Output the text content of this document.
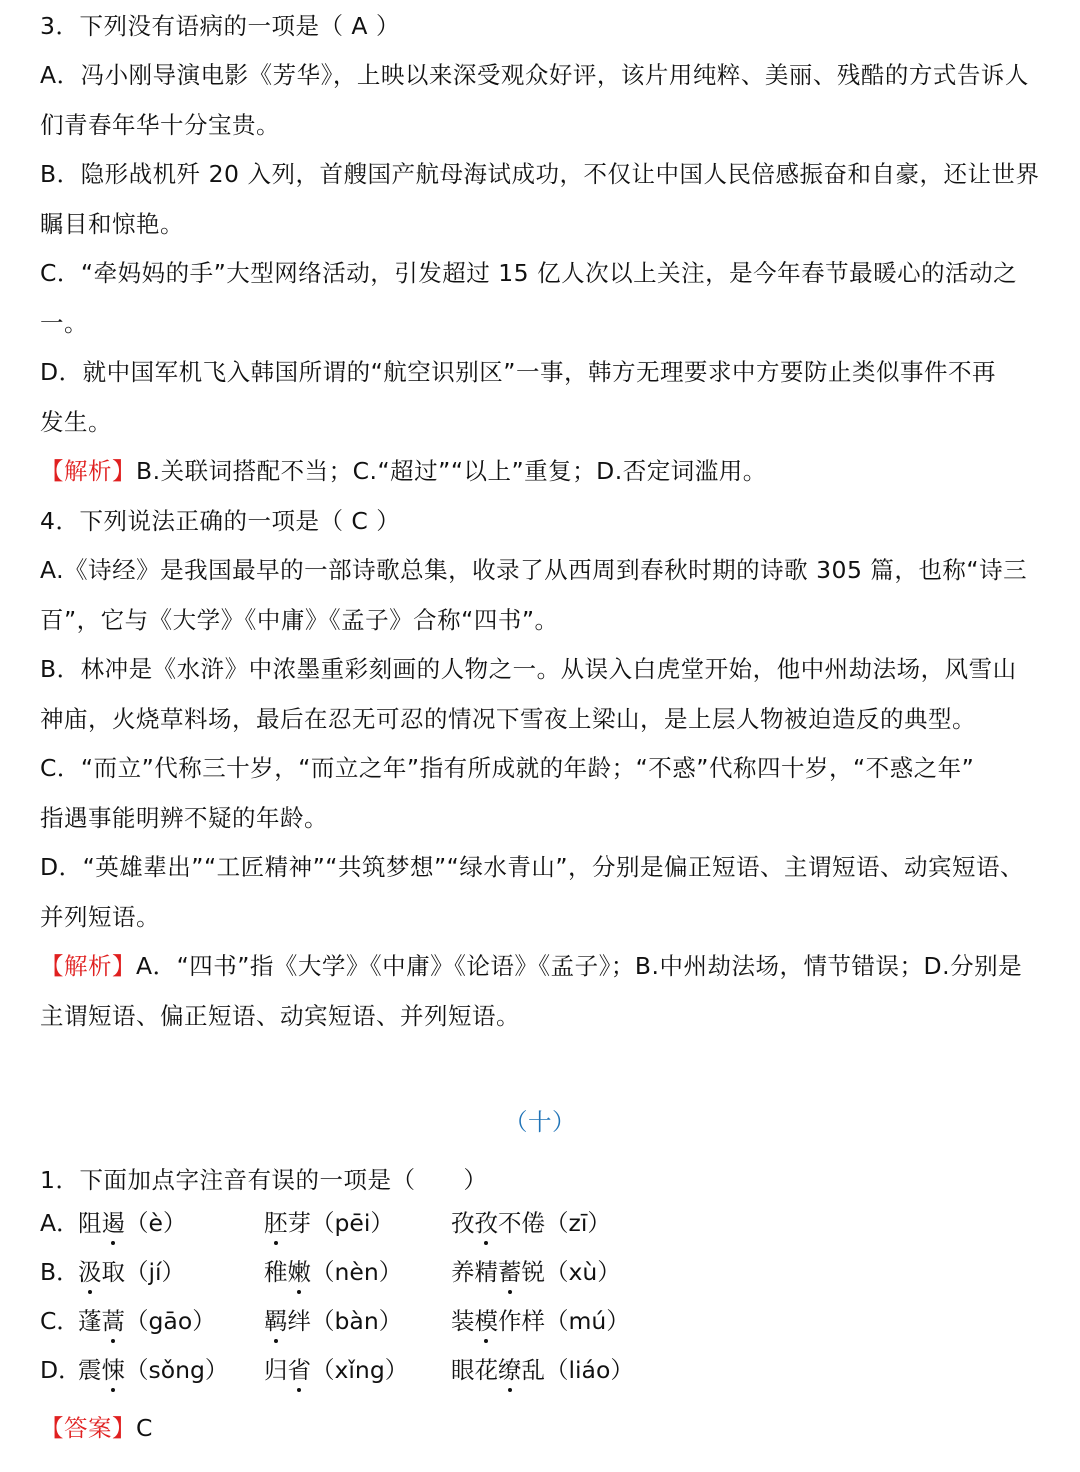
3．下列没有语病的一项是（ A ）
A．冯小刚导演电影《芳华》，上映以来深受观众好评，该片用纯粹、美丽、残酷的方式告诉人
们青春年华十分宝贵。
B．隐形战机歼 20 入列，首艘国产航母海试成功，不仅让中国人民倍感振奋和自豪，还让世界
瞩目和惊艳。
C．“牵妈妈的手”大型网络活动，引发超过 15 亿人次以上关注，是今年春节最暖心的活动之
一。
D．就中国军机飞入韩国所谓的“航空识别区”一事，韩方无理要求中方要防止类似事件不再
发生。
【解析】B.关联词搭配不当；C.“超过”“以上”重复；D.否定词滥用。
4．下列说法正确的一项是（ C ）
A.《诗经》是我国最早的一部诗歌总集，收录了从西周到春秋时期的诗歌 305 篇，也称“诗三
百”，它与《大学》《中庸》《孟子》合称“四书”。
B．林冲是《水浒》中浓墨重彩刻画的人物之一。从误入白虎堂开始，他中州劫法场，风雪山
神庙，火烧草料场，最后在忍无可忍的情况下雪夜上梁山，是上层人物被迫造反的典型。
C．“而立”代称三十岁，“而立之年”指有所成就的年龄；“不惑”代称四十岁，“不惑之年”
指遇事能明辨不疑的年龄。
D．“英雄辈出”“工匠精神”“共筑梦想”“绿水青山”，分别是偏正短语、主谓短语、动宾短语、
并列短语。
【解析】A．“四书”指《大学》《中庸》《论语》《孟子》；B.中州劫法场，情节错误；D.分别是
主谓短语、偏正短语、动宾短语、并列短语。
（十）
1．下面加点字注音有误的一项是（　　）
A．
阻遏（è）	胚芽（pēi） 孜孜不倦（zī）
B．
汲取（jí）	稚嫩（nèn） 养精蓄锐（xù）
C．
蓬蒿（gāo） 羁绊（bàn） 装模作样（mú）
D．
震悚（sǒng） 归省（xǐng） 眼花缭乱（liáo）
【答案】C
